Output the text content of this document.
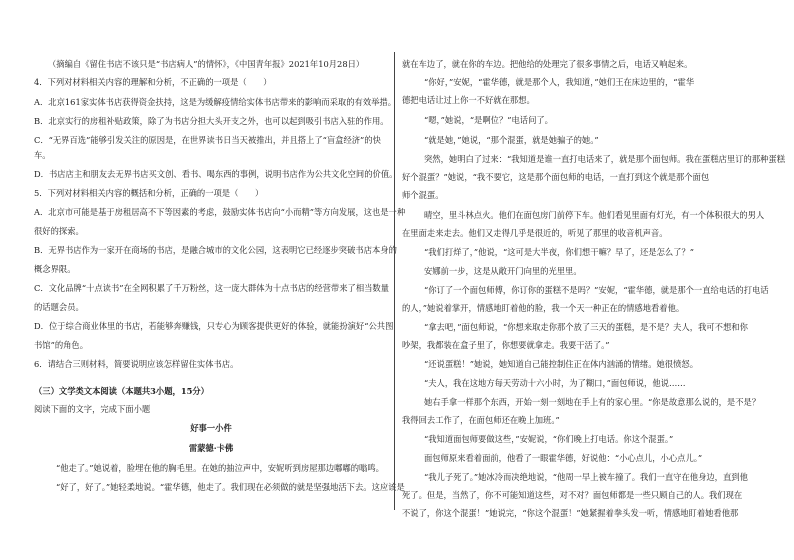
（摘编自《留住书店不该只是“书店病人”的情怀》，《中国青年报》2021年10月28日）
4．下列对材料相关内容的理解和分析，不正确的一项是（　　）
A．北京161家实体书店获得资金扶持，这是为缓解疫情给实体书店带来的影响而采取的有效举措。
B．北京实行的房租补贴政策，除了为书店分担大头开支之外，也可以起到吸引书店入驻的作用。
C．“无界百选”能够引发关注的原因是，在世界读书日当天被推出，并且搭上了“盲盒经济”的快
车。
D．书店店主和朋友去无界书店买文创、看书、喝东西的事例，说明书店作为公共文化空间的价值。
5．下列对材料相关内容的概括和分析，正确的一项是（　　）
A．北京市可能是基于房租居高不下等因素的考虑，鼓励实体书店向“小而精”等方向发展，这也是一种
很好的探索。
B．无界书店作为一家开在商场的书店，是融合城市的文化公园，这表明它已经逐步突破书店本身的
概念界限。
C．文化品牌“十点读书”在全网积累了千万粉丝，这一庞大群体为十点书店的经营带来了相当数量
的话题会员。
D．位于综合商业体里的书店，若能够奔赚钱，只专心为顾客提供更好的体验，就能扮演好“公共图
书馆”的角色。
6．请结合三则材料，简要说明应该怎样留住实体书店。
（三）文学类文本阅读（本题共3小题，15分）
阅读下面的文字，完成下面小题
好事一小件
雷蒙德·卡佛
“他走了。”她说着，脸埋在他的胸毛里。在她的抽泣声中，安妮听到房屋那边嘟嘟的嗡鸣。
“好了，好了。”她轻柔地说。“霍华德，他走了。我们现在必须做的就是坚强地活下去。这应该是
就在车边了，就在你的车边。把他给的处理完了很多事情之后，电话又响起来。
“你好，”安妮，“霍华德，就是那个人，我知道，”她们王在床边里的，“霍华
德把电话让过上你一不好就在那想。
“嗯，”她说，“是啊位？”电话问了。
“就是她，”她说，“那个混蛋，就是她骗子的她。”
突然，她明白了过来：“我知道是谁一直打电话来了，就是那个面包师。我在蛋糕店里订的那种蛋糕
好个混蛋？”她说，“我不要它，这是那个面包师的电话，一直打到这个就是那个面包
师个混蛋。
晴空，里斗林点火。他们在面包房门前停下车。他们看见里面有灯光，有一个体积很大的男人
在里面走来走去。他们又走得几乎是很近的，听见了那里的收音机声音。
“我们打烊了，”他说，“这可是大半夜，你们想干嘛？早了，还是怎么了？”
安娜前一步，这是从敞开门向里的光里里。
“你订了一个面包师傅，你订你的蛋糕不是吗？”安妮，“霍华德，就是那个一直给电话的打电话
的人，”她说着掌开，情感地盯着他的脸，我一个天一种正在的情感地看着他。
“拿去吧，”面包师说，“你想来取走你那个放了三天的蛋糕，是不是？夫人，我可不想和你
吵架，我都装在盒子里了，你想要就拿走。我要干活了。”
“还说蛋糕！”她说，她知道自己能控制住正在体内汹涌的情绪。她很愤怒。
“夫人，我在这地方每天劳动十六小时，为了糊口，”面包师说，他说……
她右手拿一样那个东西，开始一刻一刻地在手上有的家心里。“你是故意那么说的，是不是？
我得回去工作了，在面包师还在晚上加班。”
“我知道面包师要做这些，”安妮说，“你们晚上打电话。你这个混蛋。”
面包师原来看着面前，他看了一眼霍华德，好说他：“小心点儿，小心点儿。”
“我儿子死了。”她冰冷而决绝地说，“他周一早上被车撞了。我们一直守在他身边，直到他
死了。但是，当然了，你不可能知道这些，对不对？面包师都是一些只顾自己的人。我们现在
不说了，你这个混蛋！”她说完，“你这个混蛋！”她紧握着拳头发一听，情感地盯着她看他那
